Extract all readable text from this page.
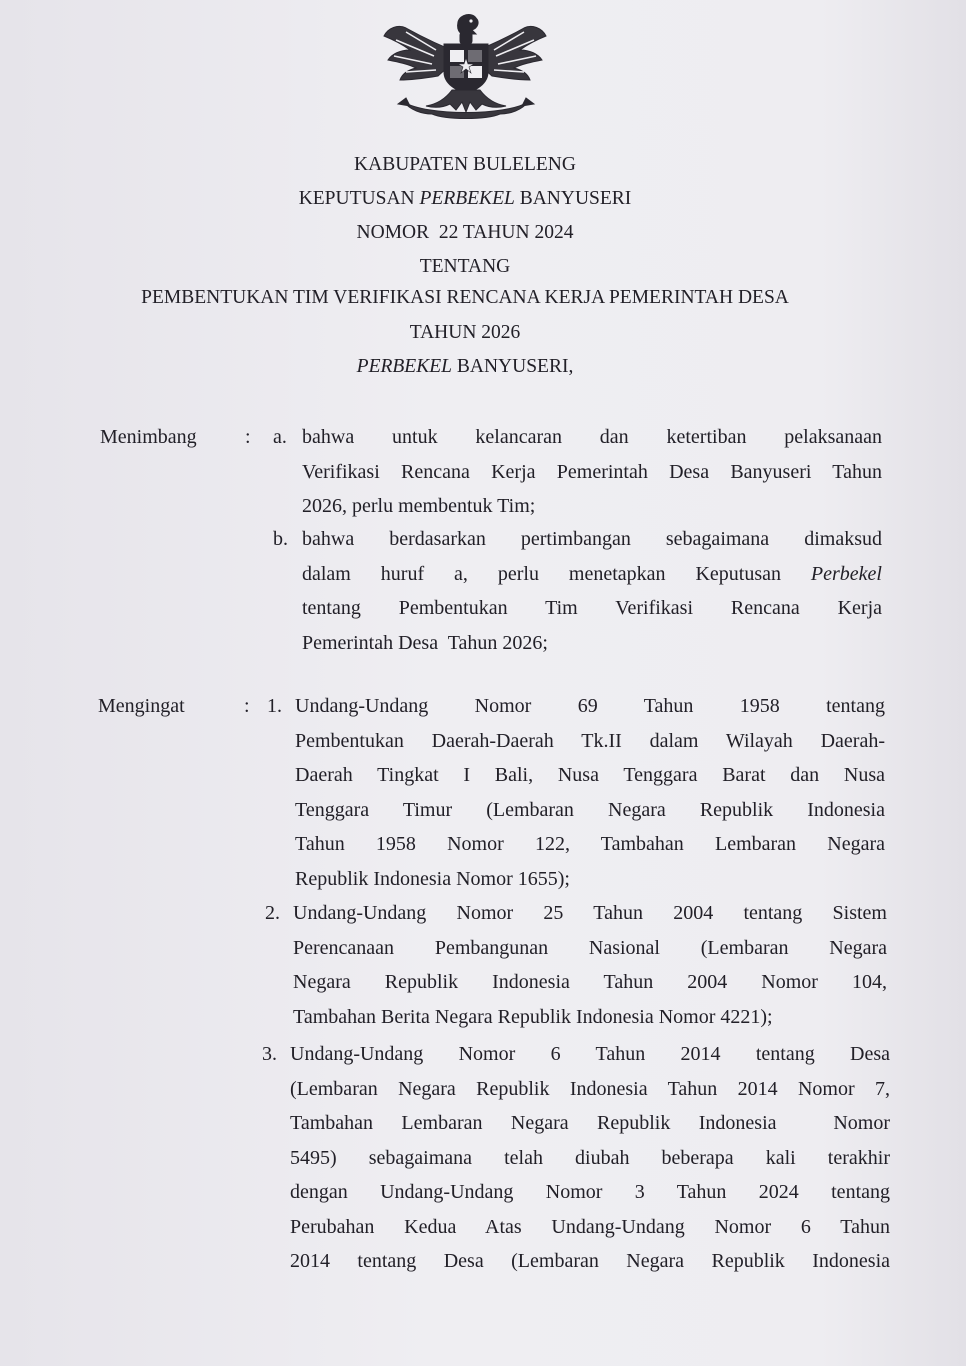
KABUPATEN BULELENG
KEPUTUSAN PERBEKEL BANYUSERI
NOMOR  22 TAHUN 2024
TENTANG
PEMBENTUKAN TIM VERIFIKASI RENCANA KERJA PEMERINTAH DESA
TAHUN 2026
PERBEKEL BANYUSERI,
Menimbang : a. bahwa untuk kelancaran dan ketertiban pelaksanaan
Verifikasi Rencana Kerja Pemerintah Desa Banyuseri Tahun
2026, perlu membentuk Tim;
b. bahwa berdasarkan pertimbangan sebagaimana dimaksud
dalam huruf a, perlu menetapkan Keputusan Perbekel
tentang Pembentukan Tim Verifikasi Rencana Kerja
Pemerintah Desa  Tahun 2026;
Mengingat	: 1. Undang-Undang Nomor 69 Tahun 1958 tentang
Pembentukan Daerah-Daerah Tk.II dalam Wilayah Daerah-
Daerah Tingkat I Bali, Nusa Tenggara Barat dan Nusa
Tenggara Timur (Lembaran Negara Republik Indonesia
Tahun 1958 Nomor 122, Tambahan Lembaran Negara
Republik Indonesia Nomor 1655);
2. Undang-Undang Nomor 25 Tahun 2004 tentang Sistem
Perencanaan Pembangunan Nasional (Lembaran Negara
Negara Republik Indonesia Tahun 2004 Nomor 104,
Tambahan Berita Negara Republik Indonesia Nomor 4221);
3. Undang-Undang Nomor 6 Tahun 2014 tentang Desa
(Lembaran Negara Republik Indonesia Tahun 2014 Nomor 7,
Tambahan Lembaran Negara Republik Indonesia  Nomor
5495) sebagaimana telah diubah beberapa kali terakhir
dengan Undang-Undang Nomor 3 Tahun 2024 tentang
Perubahan Kedua Atas Undang-Undang Nomor 6 Tahun
2014 tentang Desa (Lembaran Negara Republik Indonesia
